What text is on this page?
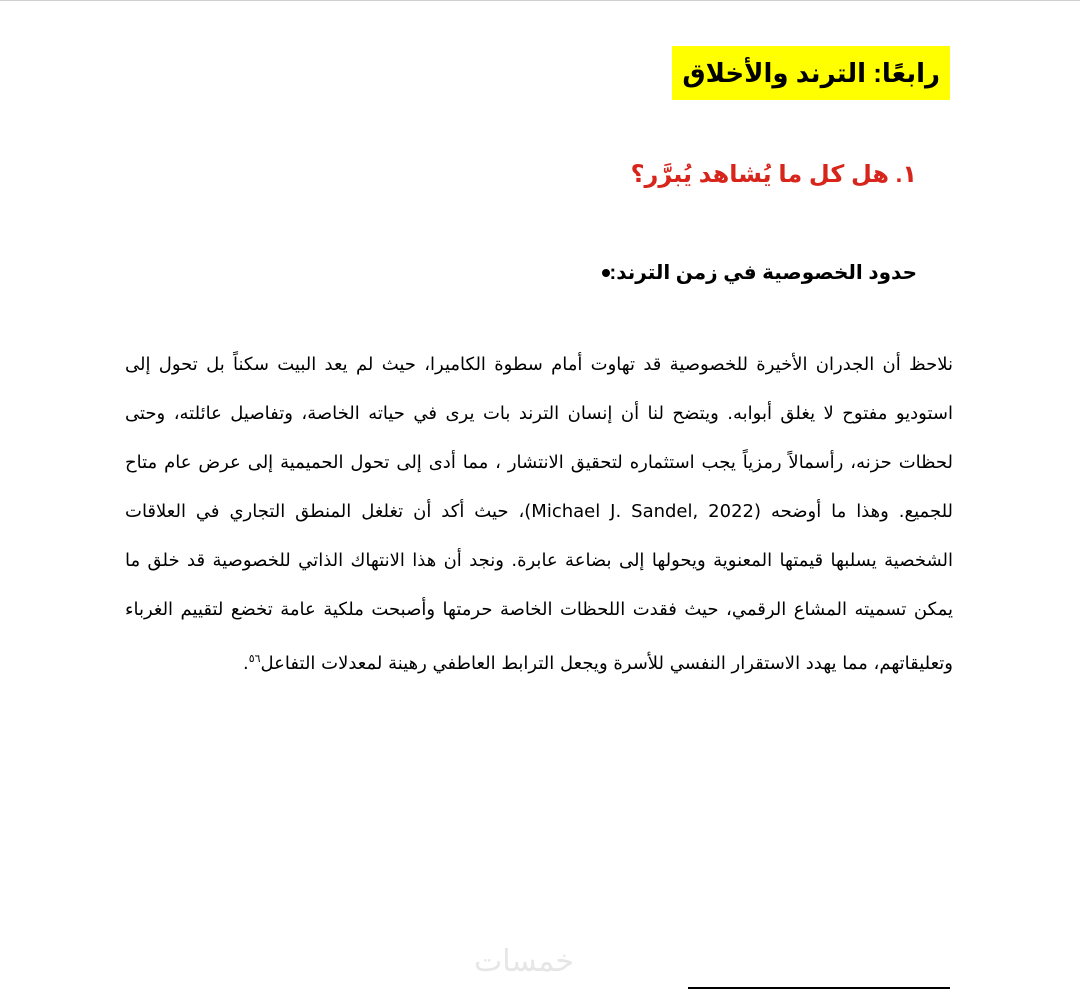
رابعًا: الترند والأخلاق
١. هل كل ما يُشاهد يُبرَّر؟
حدود الخصوصية في زمن الترند:
نلاحظ أن الجدران الأخيرة للخصوصية قد تهاوت أمام سطوة الكاميرا، حيث لم يعد البيت سكناً بل تحول إلى استوديو مفتوح لا يغلق أبوابه. ويتضح لنا أن إنسان الترند بات يرى في حياته الخاصة، وتفاصيل عائلته، وحتى لحظات حزنه، رأسمالاً رمزياً يجب استثماره لتحقيق الانتشار ، مما أدى إلى تحول الحميمية إلى عرض عام متاح للجميع. وهذا ما أوضحه (Michael J. Sandel, 2022)، حيث أكد أن تغلغل المنطق التجاري في العلاقات الشخصية يسلبها قيمتها المعنوية ويحولها إلى بضاعة عابرة. ونجد أن هذا الانتهاك الذاتي للخصوصية قد خلق ما يمكن تسميته المشاع الرقمي، حيث فقدت اللحظات الخاصة حرمتها وأصبحت ملكية عامة تخضع لتقييم الغرباء وتعليقاتهم، مما يهدد الاستقرار النفسي للأسرة ويجعل الترابط العاطفي رهينة لمعدلات التفاعل$^{٥٦}$.
خمسات
